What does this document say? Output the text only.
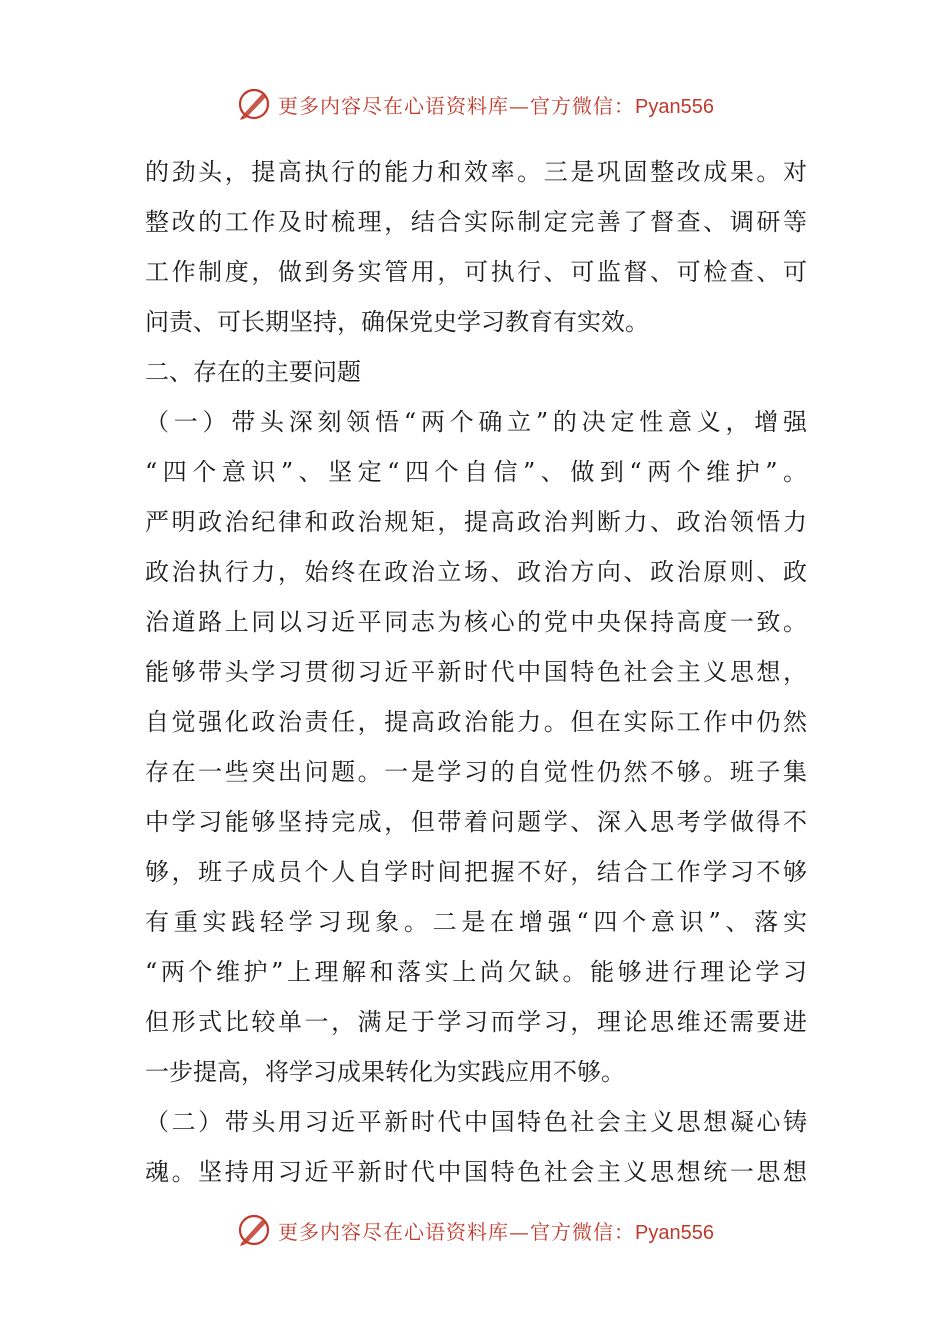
更多内容尽在心语资料库—官方微信：Pyan556
的劲头，提高执行的能力和效率。三是巩固整改成果。对
整改的工作及时梳理，结合实际制定完善了督查、调研等
工作制度，做到务实管用，可执行、可监督、可检查、可
问责、可长期坚持，确保党史学习教育有实效。
二、存在的主要问题
（一）带头深刻领悟“两个确立”的决定性意义，增强
“四个意识”、坚定“四个自信”、做到“两个维护”。
严明政治纪律和政治规矩，提高政治判断力、政治领悟力
政治执行力，始终在政治立场、政治方向、政治原则、政
治道路上同以习近平同志为核心的党中央保持高度一致。
能够带头学习贯彻习近平新时代中国特色社会主义思想，
自觉强化政治责任，提高政治能力。但在实际工作中仍然
存在一些突出问题。一是学习的自觉性仍然不够。班子集
中学习能够坚持完成，但带着问题学、深入思考学做得不
够，班子成员个人自学时间把握不好，结合工作学习不够
有重实践轻学习现象。二是在增强“四个意识”、落实
“两个维护”上理解和落实上尚欠缺。能够进行理论学习
但形式比较单一，满足于学习而学习，理论思维还需要进
一步提高，将学习成果转化为实践应用不够。
（二）带头用习近平新时代中国特色社会主义思想凝心铸
魂。坚持用习近平新时代中国特色社会主义思想统一思想
更多内容尽在心语资料库—官方微信：Pyan556
